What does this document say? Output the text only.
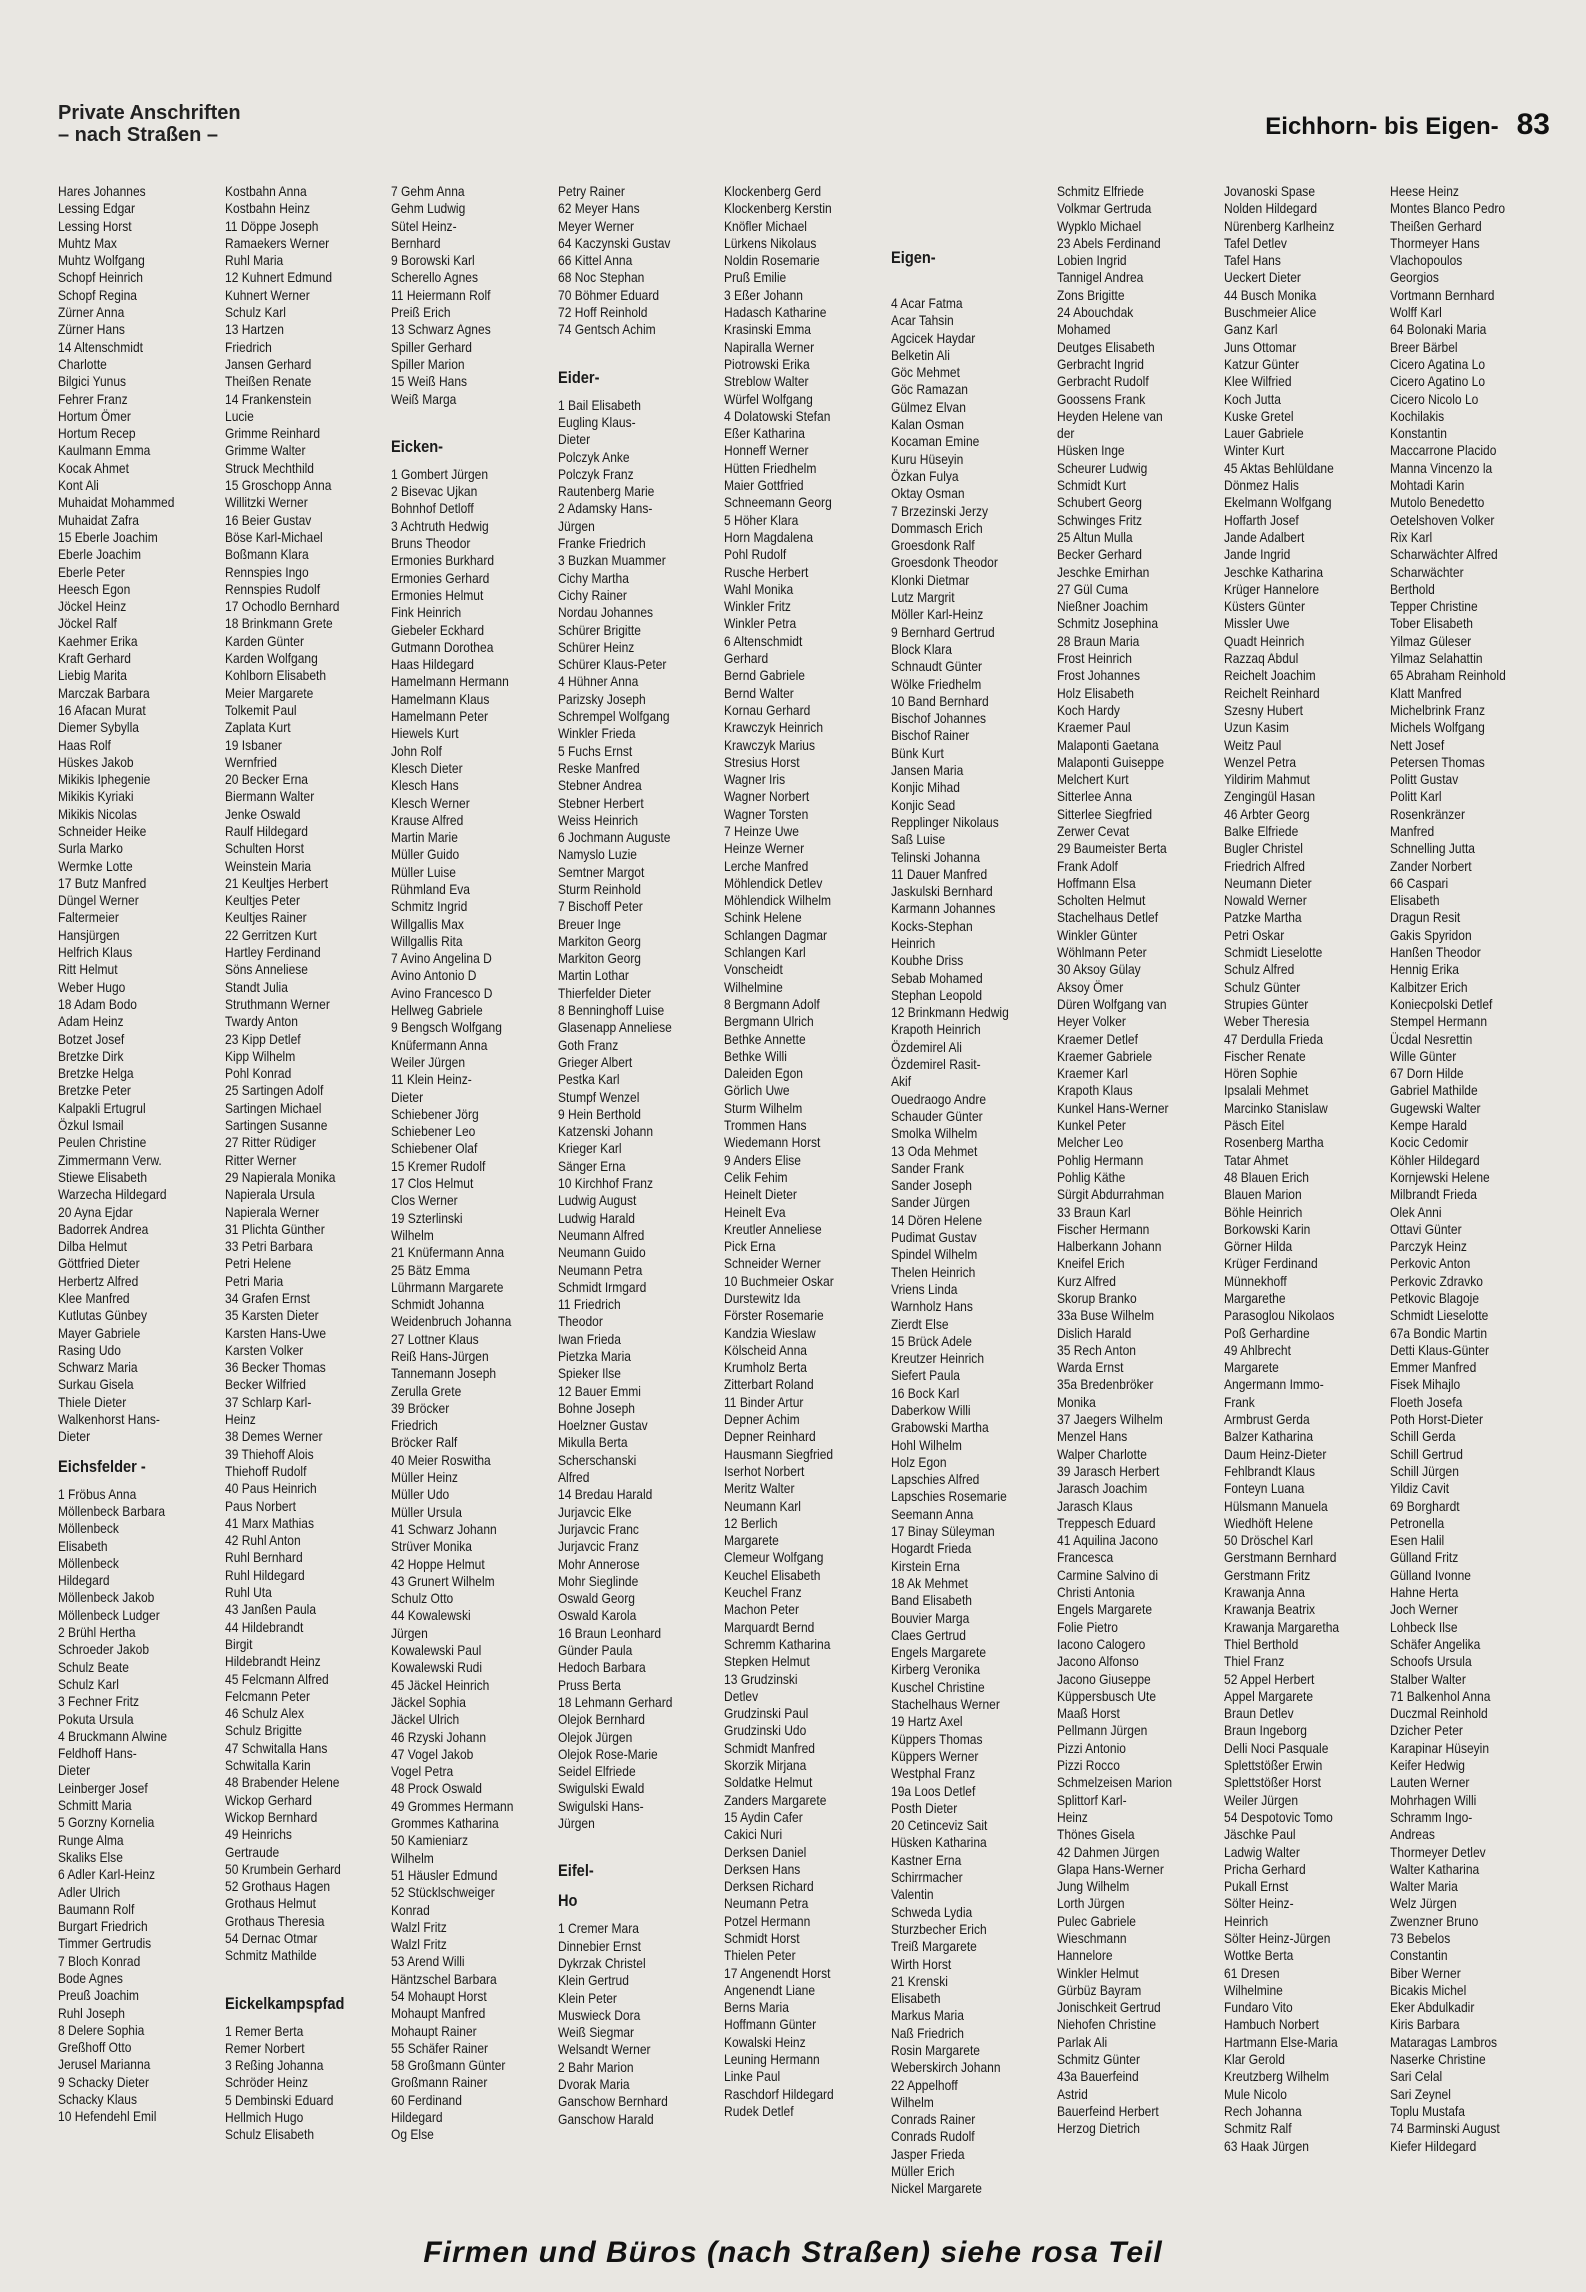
Private Anschriften
– nach Straßen –	Eichhorn- bis Eigen- 83
Hares Johannes
Lessing Edgar
Lessing Horst
Muhtz Max
Muhtz Wolfgang
Schopf Heinrich
Schopf Regina
Zürner Anna
Zürner Hans
14 Altenschmidt
Charlotte
Bilgici Yunus
Fehrer Franz
Hortum Ömer
Hortum Recep
Kaulmann Emma
Kocak Ahmet
Kont Ali
Muhaidat Mohammed
Muhaidat Zafra
15 Eberle Joachim
Eberle Joachim
Eberle Peter
Heesch Egon
Jöckel Heinz
Jöckel Ralf
Kaehmer Erika
Kraft Gerhard
Liebig Marita
Marczak Barbara
16 Afacan Murat
Diemer Sybylla
Haas Rolf
Hüskes Jakob
Mikikis Iphegenie
Mikikis Kyriaki
Mikikis Nicolas
Schneider Heike
Surla Marko
Wermke Lotte
17 Butz Manfred
Düngel Werner
Faltermeier
Hansjürgen
Helfrich Klaus
Ritt Helmut
Weber Hugo
18 Adam Bodo
Adam Heinz
Botzet Josef
Bretzke Dirk
Bretzke Helga
Bretzke Peter
Kalpakli Ertugrul
Özkul Ismail
Peulen Christine
Zimmermann Verw.
Stiewe Elisabeth
Warzecha Hildegard
20 Ayna Ejdar
Badorrek Andrea
Dilba Helmut
Göttfried Dieter
Herbertz Alfred
Klee Manfred
Kutlutas Günbey
Mayer Gabriele
Rasing Udo
Schwarz Maria
Surkau Gisela
Thiele Dieter
Walkenhorst Hans-
Dieter
Eichsfelder -
1 Fröbus Anna
Möllenbeck Barbara
Möllenbeck
Elisabeth
Möllenbeck
Hildegard
Möllenbeck Jakob
Möllenbeck Ludger
2 Brühl Hertha
Schroeder Jakob
Schulz Beate
Schulz Karl
3 Fechner Fritz
Pokuta Ursula
4 Bruckmann Alwine
Feldhoff Hans-
Dieter
Leinberger Josef
Schmitt Maria
5 Gorzny Kornelia
Runge Alma
Skaliks Else
6 Adler Karl-Heinz
Adler Ulrich
Baumann Rolf
Burgart Friedrich
Timmer Gertrudis
7 Bloch Konrad
Bode Agnes
Preuß Joachim
Ruhl Joseph
8 Delere Sophia
Greßhoff Otto
Jerusel Marianna
9 Schacky Dieter
Schacky Klaus
10 Hefendehl Emil
Kostbahn Anna
Kostbahn Heinz
11 Döppe Joseph
Ramaekers Werner
Ruhl Maria
12 Kuhnert Edmund
Kuhnert Werner
Schulz Karl
13 Hartzen
Friedrich
Jansen Gerhard
Theißen Renate
14 Frankenstein
Lucie
Grimme Reinhard
Grimme Walter
Struck Mechthild
15 Groschopp Anna
Willitzki Werner
16 Beier Gustav
Böse Karl-Michael
Boßmann Klara
Rennspies Ingo
Rennspies Rudolf
17 Ochodlo Bernhard
18 Brinkmann Grete
Karden Günter
Karden Wolfgang
Kohlborn Elisabeth
Meier Margarete
Tolkemit Paul
Zaplata Kurt
19 Isbaner
Wernfried
20 Becker Erna
Biermann Walter
Jenke Oswald
Raulf Hildegard
Schulten Horst
Weinstein Maria
21 Keultjes Herbert
Keultjes Peter
Keultjes Rainer
22 Gerritzen Kurt
Hartley Ferdinand
Söns Anneliese
Standt Julia
Struthmann Werner
Twardy Anton
23 Kipp Detlef
Kipp Wilhelm
Pohl Konrad
25 Sartingen Adolf
Sartingen Michael
Sartingen Susanne
27 Ritter Rüdiger
Ritter Werner
29 Napierala Monika
Napierala Ursula
Napierala Werner
31 Plichta Günther
33 Petri Barbara
Petri Helene
Petri Maria
34 Grafen Ernst
35 Karsten Dieter
Karsten Hans-Uwe
Karsten Volker
36 Becker Thomas
Becker Wilfried
37 Schlarp Karl-
Heinz
38 Demes Werner
39 Thiehoff Alois
Thiehoff Rudolf
40 Paus Heinrich
Paus Norbert
41 Marx Mathias
42 Ruhl Anton
Ruhl Bernhard
Ruhl Hildegard
Ruhl Uta
43 Janßen Paula
44 Hildebrandt
Birgit
Hildebrandt Heinz
45 Felcmann Alfred
Felcmann Peter
46 Schulz Alex
Schulz Brigitte
47 Schwitalla Hans
Schwitalla Karin
48 Brabender Helene
Wickop Gerhard
Wickop Bernhard
49 Heinrichs
Gertraude
50 Krumbein Gerhard
52 Grothaus Hagen
Grothaus Helmut
Grothaus Theresia
54 Dernac Otmar
Schmitz Mathilde
Eickelkampspfad
1 Remer Berta
Remer Norbert
3 Reßing Johanna
Schröder Heinz
5 Dembinski Eduard
Hellmich Hugo
Schulz Elisabeth
7 Gehm Anna
Gehm Ludwig
Sütel Heinz-
Bernhard
9 Borowski Karl
Scherello Agnes
11 Heiermann Rolf
Preiß Erich
13 Schwarz Agnes
Spiller Gerhard
Spiller Marion
15 Weiß Hans
Weiß Marga
Eicken-
1 Gombert Jürgen
2 Bisevac Ujkan
Bohnhof Detloff
3 Achtruth Hedwig
Bruns Theodor
Ermonies Burkhard
Ermonies Gerhard
Ermonies Helmut
Fink Heinrich
Giebeler Eckhard
Gutmann Dorothea
Haas Hildegard
Hamelmann Hermann
Hamelmann Klaus
Hamelmann Peter
Hiewels Kurt
John Rolf
Klesch Dieter
Klesch Hans
Klesch Werner
Krause Alfred
Martin Marie
Müller Guido
Müller Luise
Rühmland Eva
Schmitz Ingrid
Willgallis Max
Willgallis Rita
7 Avino Angelina D
Avino Antonio D
Avino Francesco D
Hellweg Gabriele
9 Bengsch Wolfgang
Knüfermann Anna
Weiler Jürgen
11 Klein Heinz-
Dieter
Schiebener Jörg
Schiebener Leo
Schiebener Olaf
15 Kremer Rudolf
17 Clos Helmut
Clos Werner
19 Szterlinski
Wilhelm
21 Knüfermann Anna
25 Bätz Emma
Lührmann Margarete
Schmidt Johanna
Weidenbruch Johanna
27 Lottner Klaus
Reiß Hans-Jürgen
Tannemann Joseph
Zerulla Grete
39 Bröcker
Friedrich
Bröcker Ralf
40 Meier Roswitha
Müller Heinz
Müller Udo
Müller Ursula
41 Schwarz Johann
Strüver Monika
42 Hoppe Helmut
43 Grunert Wilhelm
Schulz Otto
44 Kowalewski
Jürgen
Kowalewski Paul
Kowalewski Rudi
45 Jäckel Heinrich
Jäckel Sophia
Jäckel Ulrich
46 Rzyski Johann
47 Vogel Jakob
Vogel Petra
48 Prock Oswald
49 Grommes Hermann
Grommes Katharina
50 Kamieniarz
Wilhelm
51 Häusler Edmund
52 Stücklschweiger
Konrad
Walzl Fritz
Walzl Fritz
53 Arend Willi
Häntzschel Barbara
54 Mohaupt Horst
Mohaupt Manfred
Mohaupt Rainer
55 Schäfer Rainer
58 Großmann Günter
Großmann Rainer
60 Ferdinand
Hildegard
Og Else
Petry Rainer
62 Meyer Hans
Meyer Werner
64 Kaczynski Gustav
66 Kittel Anna
68 Noc Stephan
70 Böhmer Eduard
72 Hoff Reinhold
74 Gentsch Achim
Eider-
1 Bail Elisabeth
Eugling Klaus-
Dieter
Polczyk Anke
Polczyk Franz
Rautenberg Marie
2 Adamsky Hans-
Jürgen
Franke Friedrich
3 Buzkan Muammer
Cichy Martha
Cichy Rainer
Nordau Johannes
Schürer Brigitte
Schürer Heinz
Schürer Klaus-Peter
4 Hühner Anna
Parizsky Joseph
Schrempel Wolfgang
Winkler Frieda
5 Fuchs Ernst
Reske Manfred
Stebner Andrea
Stebner Herbert
Weiss Heinrich
6 Jochmann Auguste
Namyslo Luzie
Semtner Margot
Sturm Reinhold
7 Bischoff Peter
Breuer Inge
Markiton Georg
Markiton Georg
Martin Lothar
Thierfelder Dieter
8 Benninghoff Luise
Glasenapp Anneliese
Goth Franz
Grieger Albert
Pestka Karl
Stumpf Wenzel
9 Hein Berthold
Katzenski Johann
Krieger Karl
Sänger Erna
10 Kirchhof Franz
Ludwig August
Ludwig Harald
Neumann Alfred
Neumann Guido
Neumann Petra
Schmidt Irmgard
11 Friedrich
Theodor
Iwan Frieda
Pietzka Maria
Spieker Ilse
12 Bauer Emmi
Bohne Joseph
Hoelzner Gustav
Mikulla Berta
Scherschanski
Alfred
14 Bredau Harald
Jurjavcic Elke
Jurjavcic Franc
Jurjavcic Franz
Mohr Annerose
Mohr Sieglinde
Oswald Georg
Oswald Karola
16 Braun Leonhard
Günder Paula
Hedoch Barbara
Pruss Berta
18 Lehmann Gerhard
Olejok Bernhard
Olejok Jürgen
Olejok Rose-Marie
Seidel Elfriede
Swigulski Ewald
Swigulski Hans-
Jürgen
Eifel-
Ho
1 Cremer Mara
Dinnebier Ernst
Dykrzak Christel
Klein Gertrud
Klein Peter
Muswieck Dora
Weiß Siegmar
Welsandt Werner
2 Bahr Marion
Dvorak Maria
Ganschow Bernhard
Ganschow Harald
Klockenberg Gerd
Klockenberg Kerstin
Knöfler Michael
Lürkens Nikolaus
Noldin Rosemarie
Pruß Emilie
3 Eßer Johann
Hadasch Katharine
Krasinski Emma
Napiralla Werner
Piotrowski Erika
Streblow Walter
Würfel Wolfgang
4 Dolatowski Stefan
Eßer Katharina
Honneff Werner
Hütten Friedhelm
Maier Gottfried
Schneemann Georg
5 Höher Klara
Horn Magdalena
Pohl Rudolf
Rusche Herbert
Wahl Monika
Winkler Fritz
Winkler Petra
6 Altenschmidt
Gerhard
Bernd Gabriele
Bernd Walter
Kornau Gerhard
Krawczyk Heinrich
Krawczyk Marius
Stresius Horst
Wagner Iris
Wagner Norbert
Wagner Torsten
7 Heinze Uwe
Heinze Werner
Lerche Manfred
Möhlendick Detlev
Möhlendick Wilhelm
Schink Helene
Schlangen Dagmar
Schlangen Karl
Vonscheidt
Wilhelmine
8 Bergmann Adolf
Bergmann Ulrich
Bethke Annette
Bethke Willi
Daleiden Egon
Görlich Uwe
Sturm Wilhelm
Trommen Hans
Wiedemann Horst
9 Anders Elise
Celik Fehim
Heinelt Dieter
Heinelt Eva
Kreutler Anneliese
Pick Erna
Schneider Werner
10 Buchmeier Oskar
Durstewitz Ida
Förster Rosemarie
Kandzia Wieslaw
Kölscheid Anna
Krumholz Berta
Zitterbart Roland
11 Binder Artur
Depner Achim
Depner Reinhard
Hausmann Siegfried
Iserhot Norbert
Meritz Walter
Neumann Karl
12 Berlich
Margarete
Clemeur Wolfgang
Keuchel Elisabeth
Keuchel Franz
Machon Peter
Marquardt Bernd
Schremm Katharina
Stepken Helmut
13 Grudzinski
Detlev
Grudzinski Paul
Grudzinski Udo
Schmidt Manfred
Skorzik Mirjana
Soldatke Helmut
Zanders Margarete
15 Aydin Cafer
Cakici Nuri
Derksen Daniel
Derksen Hans
Derksen Richard
Neumann Petra
Potzel Hermann
Schmidt Horst
Thielen Peter
17 Angenendt Horst
Angenendt Liane
Berns Maria
Hoffmann Günter
Kowalski Heinz
Leuning Hermann
Linke Paul
Raschdorf Hildegard
Rudek Detlef
Eigen-
4 Acar Fatma
Acar Tahsin
Agcicek Haydar
Belketin Ali
Göc Mehmet
Göc Ramazan
Gülmez Elvan
Kalan Osman
Kocaman Emine
Kuru Hüseyin
Özkan Fulya
Oktay Osman
7 Brzezinski Jerzy
Dommasch Erich
Groesdonk Ralf
Groesdonk Theodor
Klonki Dietmar
Lutz Margrit
Möller Karl-Heinz
9 Bernhard Gertrud
Block Klara
Schnaudt Günter
Wölke Friedhelm
10 Band Bernhard
Bischof Johannes
Bischof Rainer
Bünk Kurt
Jansen Maria
Konjic Mihad
Konjic Sead
Repplinger Nikolaus
Saß Luise
Telinski Johanna
11 Dauer Manfred
Jaskulski Bernhard
Karmann Johannes
Kocks-Stephan
Heinrich
Koubhe Driss
Sebab Mohamed
Stephan Leopold
12 Brinkmann Hedwig
Krapoth Heinrich
Özdemirel Ali
Özdemirel Rasit-
Akif
Ouedraogo Andre
Schauder Günter
Smolka Wilhelm
13 Oda Mehmet
Sander Frank
Sander Joseph
Sander Jürgen
14 Dören Helene
Pudimat Gustav
Spindel Wilhelm
Thelen Heinrich
Vriens Linda
Warnholz Hans
Zierdt Else
15 Brück Adele
Kreutzer Heinrich
Siefert Paula
16 Bock Karl
Daberkow Willi
Grabowski Martha
Hohl Wilhelm
Holz Egon
Lapschies Alfred
Lapschies Rosemarie
Seemann Anna
17 Binay Süleyman
Hogardt Frieda
Kirstein Erna
18 Ak Mehmet
Band Elisabeth
Bouvier Marga
Claes Gertrud
Engels Margarete
Kirberg Veronika
Kuschel Christine
Stachelhaus Werner
19 Hartz Axel
Küppers Thomas
Küppers Werner
Westphal Franz
19a Loos Detlef
Posth Dieter
20 Cetinceviz Sait
Hüsken Katharina
Kastner Erna
Schirrmacher
Valentin
Schweda Lydia
Sturzbecher Erich
Treiß Margarete
Wirth Horst
21 Krenski
Elisabeth
Markus Maria
Naß Friedrich
Rosin Margarete
Weberskirch Johann
22 Appelhoff
Wilhelm
Conrads Rainer
Conrads Rudolf
Jasper Frieda
Müller Erich
Nickel Margarete
Schmitz Elfriede
Volkmar Gertruda
Wypklo Michael
23 Abels Ferdinand
Lobien Ingrid
Tannigel Andrea
Zons Brigitte
24 Abouchdak
Mohamed
Deutges Elisabeth
Gerbracht Ingrid
Gerbracht Rudolf
Goossens Frank
Heyden Helene van
der
Hüsken Inge
Scheurer Ludwig
Schmidt Kurt
Schubert Georg
Schwinges Fritz
25 Altun Mulla
Becker Gerhard
Jeschke Emirhan
27 Gül Cuma
Nießner Joachim
Schmitz Josephina
28 Braun Maria
Frost Heinrich
Frost Johannes
Holz Elisabeth
Koch Hardy
Kraemer Paul
Malaponti Gaetana
Malaponti Guiseppe
Melchert Kurt
Sitterlee Anna
Sitterlee Siegfried
Zerwer Cevat
29 Baumeister Berta
Frank Adolf
Hoffmann Elsa
Scholten Helmut
Stachelhaus Detlef
Winkler Günter
Wöhlmann Peter
30 Aksoy Gülay
Aksoy Ömer
Düren Wolfgang van
Heyer Volker
Kraemer Detlef
Kraemer Gabriele
Kraemer Karl
Krapoth Klaus
Kunkel Hans-Werner
Kunkel Peter
Melcher Leo
Pohlig Hermann
Pohlig Käthe
Sürgit Abdurrahman
33 Braun Karl
Fischer Hermann
Halberkann Johann
Kneifel Erich
Kurz Alfred
Skorup Branko
33a Buse Wilhelm
Dislich Harald
35 Rech Anton
Warda Ernst
35a Bredenbröker
Monika
37 Jaegers Wilhelm
Menzel Hans
Walper Charlotte
39 Jarasch Herbert
Jarasch Joachim
Jarasch Klaus
Treppesch Eduard
41 Aquilina Jacono
Francesca
Carmine Salvino di
Christi Antonia
Engels Margarete
Folie Pietro
Iacono Calogero
Jacono Alfonso
Jacono Giuseppe
Küppersbusch Ute
Maaß Horst
Pellmann Jürgen
Pizzi Antonio
Pizzi Rocco
Schmelzeisen Marion
Splittorf Karl-
Heinz
Thönes Gisela
42 Dahmen Jürgen
Glapa Hans-Werner
Jung Wilhelm
Lorth Jürgen
Pulec Gabriele
Wieschmann
Hannelore
Winkler Helmut
Gürbüz Bayram
Jonischkeit Gertrud
Niehofen Christine
Parlak Ali
Schmitz Günter
43a Bauerfeind
Astrid
Bauerfeind Herbert
Herzog Dietrich
Jovanoski Spase
Nolden Hildegard
Nürenberg Karlheinz
Tafel Detlev
Tafel Hans
Ueckert Dieter
44 Busch Monika
Buschmeier Alice
Ganz Karl
Juns Ottomar
Katzur Günter
Klee Wilfried
Koch Jutta
Kuske Gretel
Lauer Gabriele
Winter Kurt
45 Aktas Behlüldane
Dönmez Halis
Ekelmann Wolfgang
Hoffarth Josef
Jande Adalbert
Jande Ingrid
Jeschke Katharina
Krüger Hannelore
Küsters Günter
Missler Uwe
Quadt Heinrich
Razzaq Abdul
Reichelt Joachim
Reichelt Reinhard
Szesny Hubert
Uzun Kasim
Weitz Paul
Wenzel Petra
Yildirim Mahmut
Zengingül Hasan
46 Arbter Georg
Balke Elfriede
Bugler Christel
Friedrich Alfred
Neumann Dieter
Nowald Werner
Patzke Martha
Petri Oskar
Schmidt Lieselotte
Schulz Alfred
Schulz Günter
Strupies Günter
Weber Theresia
47 Derdulla Frieda
Fischer Renate
Hören Sophie
Ipsalali Mehmet
Marcinko Stanislaw
Päsch Eitel
Rosenberg Martha
Tatar Ahmet
48 Blauen Erich
Blauen Marion
Böhle Heinrich
Borkowski Karin
Görner Hilda
Krüger Ferdinand
Münnekhoff
Margarethe
Parasoglou Nikolaos
Poß Gerhardine
49 Ahlbrecht
Margarete
Angermann Immo-
Frank
Armbrust Gerda
Balzer Katharina
Daum Heinz-Dieter
Fehlbrandt Klaus
Fonteyn Luana
Hülsmann Manuela
Wiedhöft Helene
50 Dröschel Karl
Gerstmann Bernhard
Gerstmann Fritz
Krawanja Anna
Krawanja Beatrix
Krawanja Margaretha
Thiel Berthold
Thiel Franz
52 Appel Herbert
Appel Margarete
Braun Detlev
Braun Ingeborg
Delli Noci Pasquale
Splettstößer Erwin
Splettstößer Horst
Weiler Jürgen
54 Despotovic Tomo
Jäschke Paul
Ladwig Walter
Pricha Gerhard
Pukall Ernst
Sölter Heinz-
Heinrich
Sölter Heinz-Jürgen
Wottke Berta
61 Dresen
Wilhelmine
Fundaro Vito
Hambuch Norbert
Hartmann Else-Maria
Klar Gerold
Kreutzberg Wilhelm
Mule Nicolo
Rech Johanna
Schmitz Ralf
63 Haak Jürgen
Heese Heinz
Montes Blanco Pedro
Theißen Gerhard
Thormeyer Hans
Vlachopoulos
Georgios
Vortmann Bernhard
Wolff Karl
64 Bolonaki Maria
Breer Bärbel
Cicero Agatina Lo
Cicero Agatino Lo
Cicero Nicolo Lo
Kochilakis
Konstantin
Maccarrone Placido
Manna Vincenzo la
Mohtadi Karin
Mutolo Benedetto
Oetelshoven Volker
Rix Karl
Scharwächter Alfred
Scharwächter
Berthold
Tepper Christine
Tober Elisabeth
Yilmaz Güleser
Yilmaz Selahattin
65 Abraham Reinhold
Klatt Manfred
Michelbrink Franz
Michels Wolfgang
Nett Josef
Petersen Thomas
Politt Gustav
Politt Karl
Rosenkränzer
Manfred
Schnelling Jutta
Zander Norbert
66 Caspari
Elisabeth
Dragun Resit
Gakis Spyridon
Hanßen Theodor
Hennig Erika
Kalbitzer Erich
Koniecpolski Detlef
Stempel Hermann
Ücdal Nesrettin
Wille Günter
67 Dorn Hilde
Gabriel Mathilde
Gugewski Walter
Kempe Harald
Kocic Cedomir
Köhler Hildegard
Kornjewski Helene
Milbrandt Frieda
Olek Anni
Ottavi Günter
Parczyk Heinz
Perkovic Anton
Perkovic Zdravko
Petkovic Blagoje
Schmidt Lieselotte
67a Bondic Martin
Detti Klaus-Günter
Emmer Manfred
Fisek Mihajlo
Floeth Josefa
Poth Horst-Dieter
Schill Gerda
Schill Gertrud
Schill Jürgen
Yildiz Cavit
69 Borghardt
Petronella
Esen Halil
Gülland Fritz
Gülland Ivonne
Hahne Herta
Joch Werner
Lohbeck Ilse
Schäfer Angelika
Schoofs Ursula
Stalber Walter
71 Balkenhol Anna
Duczmal Reinhold
Dzicher Peter
Karapinar Hüseyin
Keifer Hedwig
Lauten Werner
Mohrhagen Willi
Schramm Ingo-
Andreas
Thormeyer Detlev
Walter Katharina
Walter Maria
Welz Jürgen
Zwenzner Bruno
73 Bebelos
Constantin
Biber Werner
Bicakis Michel
Eker Abdulkadir
Kiris Barbara
Mataragas Lambros
Naserke Christine
Sari Celal
Sari Zeynel
Toplu Mustafa
74 Barminski August
Kiefer Hildegard
Firmen und Büros (nach Straßen) siehe rosa Teil
